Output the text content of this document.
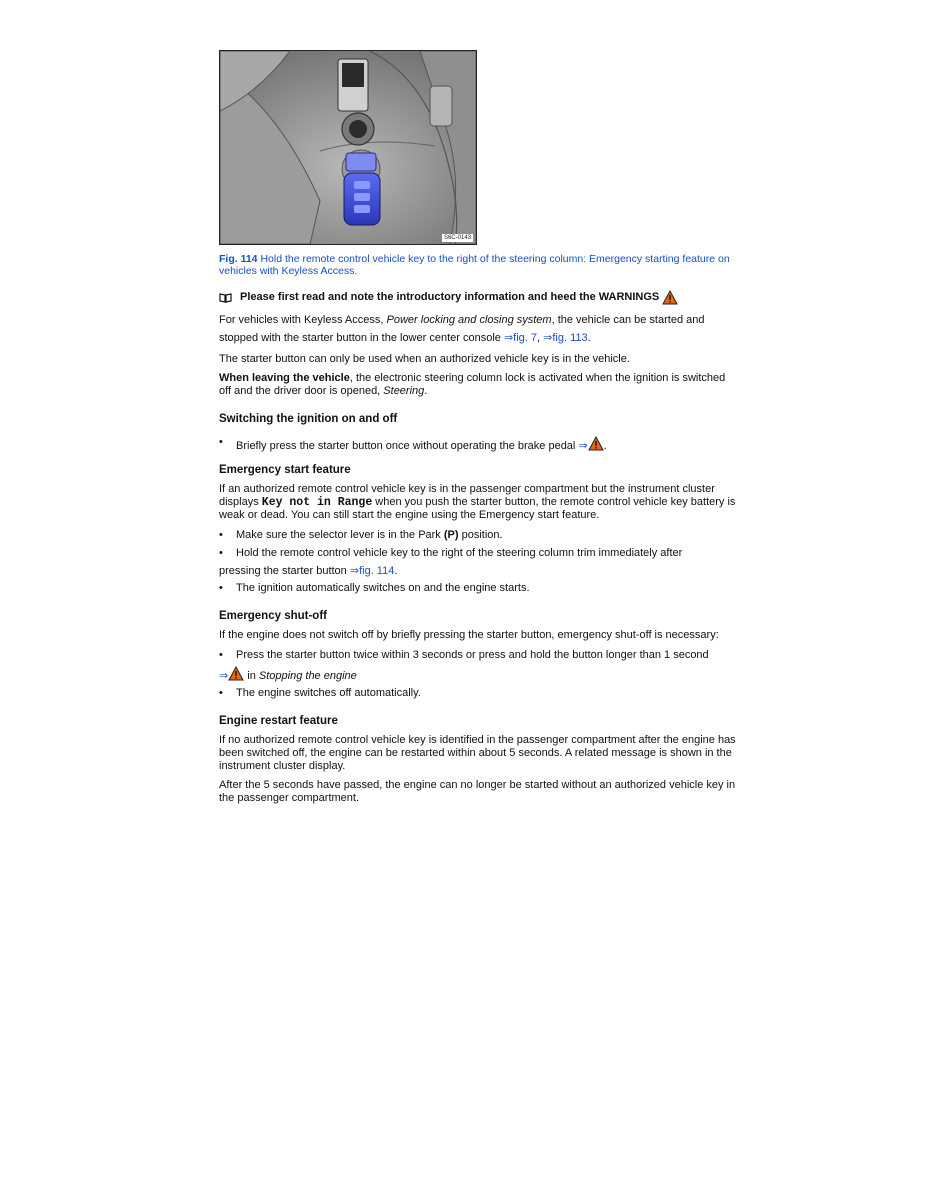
S6C-0143
Fig. 114 Hold the remote control vehicle key to the right of the steering column: Emergency starting feature on vehicles with Keyless Access.
Please first read and note the introductory information and heed the WARNINGS

For vehicles with Keyless Access, Power locking and closing system, the vehicle can be started and stopped with the starter button in the lower center console ⇒fig. 7, ⇒fig. 113.

The starter button can only be used when an authorized vehicle key is in the vehicle.

When leaving the vehicle, the electronic steering column lock is activated when the ignition is switched off and the driver door is opened, Steering.

Switching the ignition on and off
• Briefly press the starter button once without operating the brake pedal ⇒ .
Emergency start feature

If an authorized remote control vehicle key is in the passenger compartment but the instrument cluster displays Key not in Range when you push the starter button, the remote control vehicle key battery is weak or dead. You can still start the engine using the Emergency start feature.

• Make sure the selector lever is in the Park (P) position.
• Hold the remote control vehicle key to the right of the steering column trim immediately after

pressing the starter button ⇒fig. 114.

• The ignition automatically switches on and the engine starts.
Emergency shut-off

If the engine does not switch off by briefly pressing the starter button, emergency shut-off is necessary:

• Press the starter button twice within 3 seconds or press and hold the button longer than 1 second

⇒ in Stopping the engine

• The engine switches off automatically.
Engine restart feature

If no authorized remote control vehicle key is identified in the passenger compartment after the engine has been switched off, the engine can be restarted within about 5 seconds. A related message is shown in the instrument cluster display.

After the 5 seconds have passed, the engine can no longer be started without an authorized vehicle key in the passenger compartment.
